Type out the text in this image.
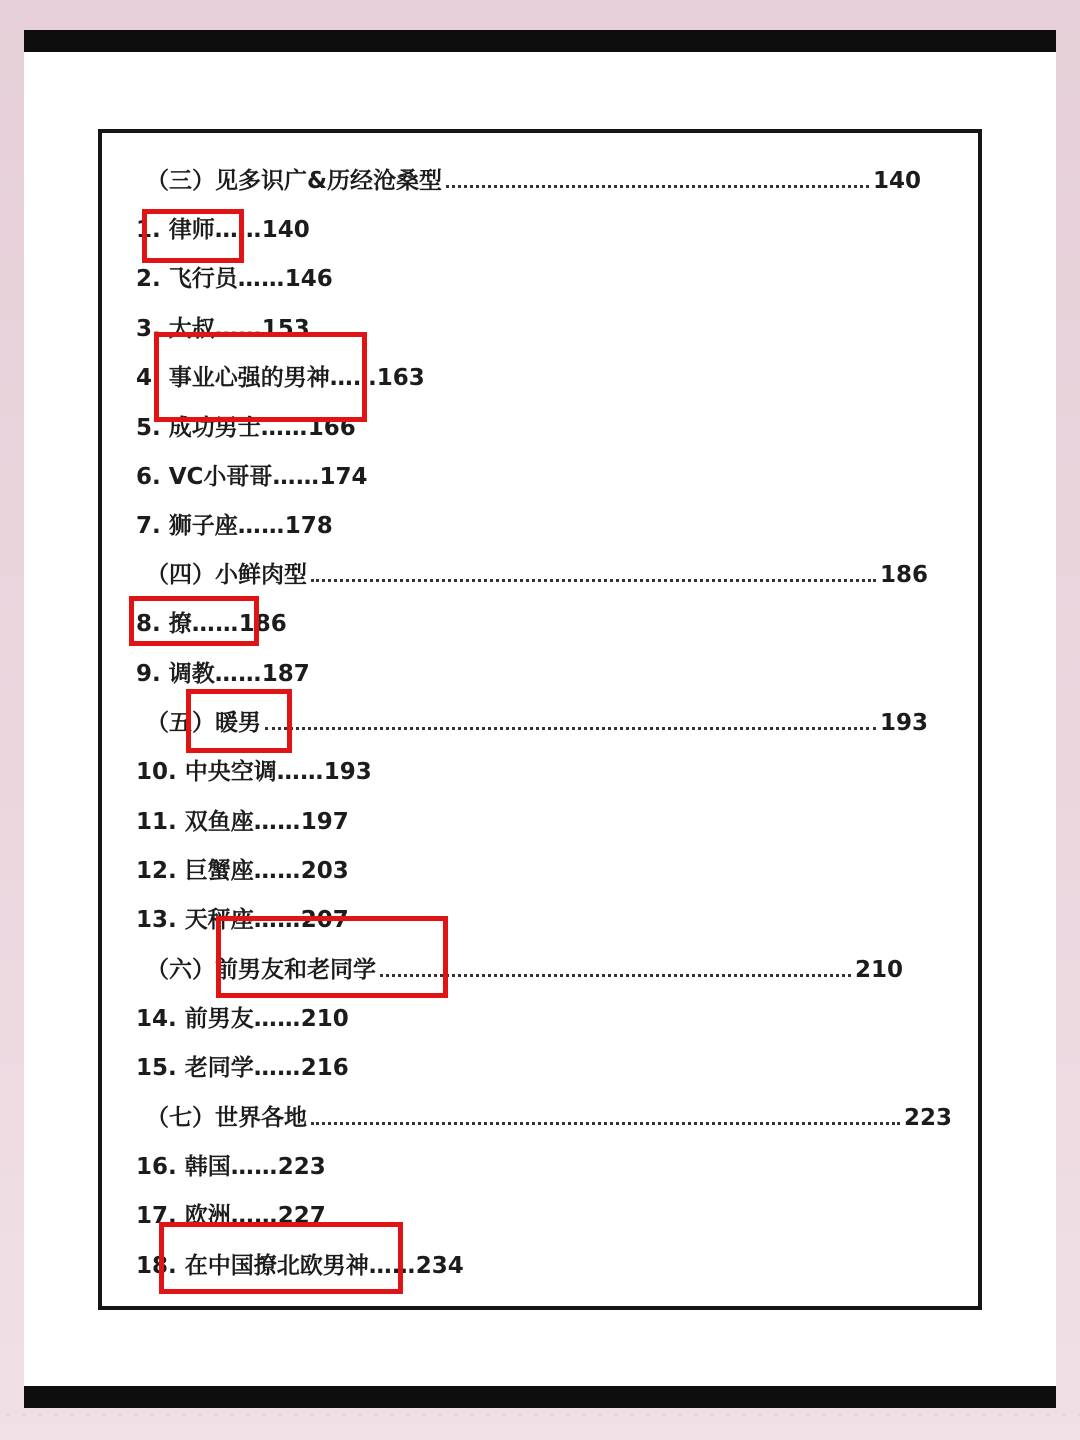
（三）见多识广&历经沧桑型	140
1. 律师 …… 140
2. 飞行员 …… 146
3. 大叔 …… 153
4. 事业心强的男神 …… 163
5. 成功男士 …… 166
6. VC小哥哥 …… 174
7. 狮子座 …… 178
（四）小鲜肉型	186
8. 撩 …… 186
9. 调教 …… 187
（五）暖男	193
10. 中央空调 …… 193
11. 双鱼座 …… 197
12. 巨蟹座 …… 203
13. 天秤座 …… 207
（六）前男友和老同学	210
14. 前男友 …… 210
15. 老同学 …… 216
（七）世界各地	223
16. 韩国 …… 223
17. 欧洲 …… 227
18. 在中国撩北欧男神 …… 234
